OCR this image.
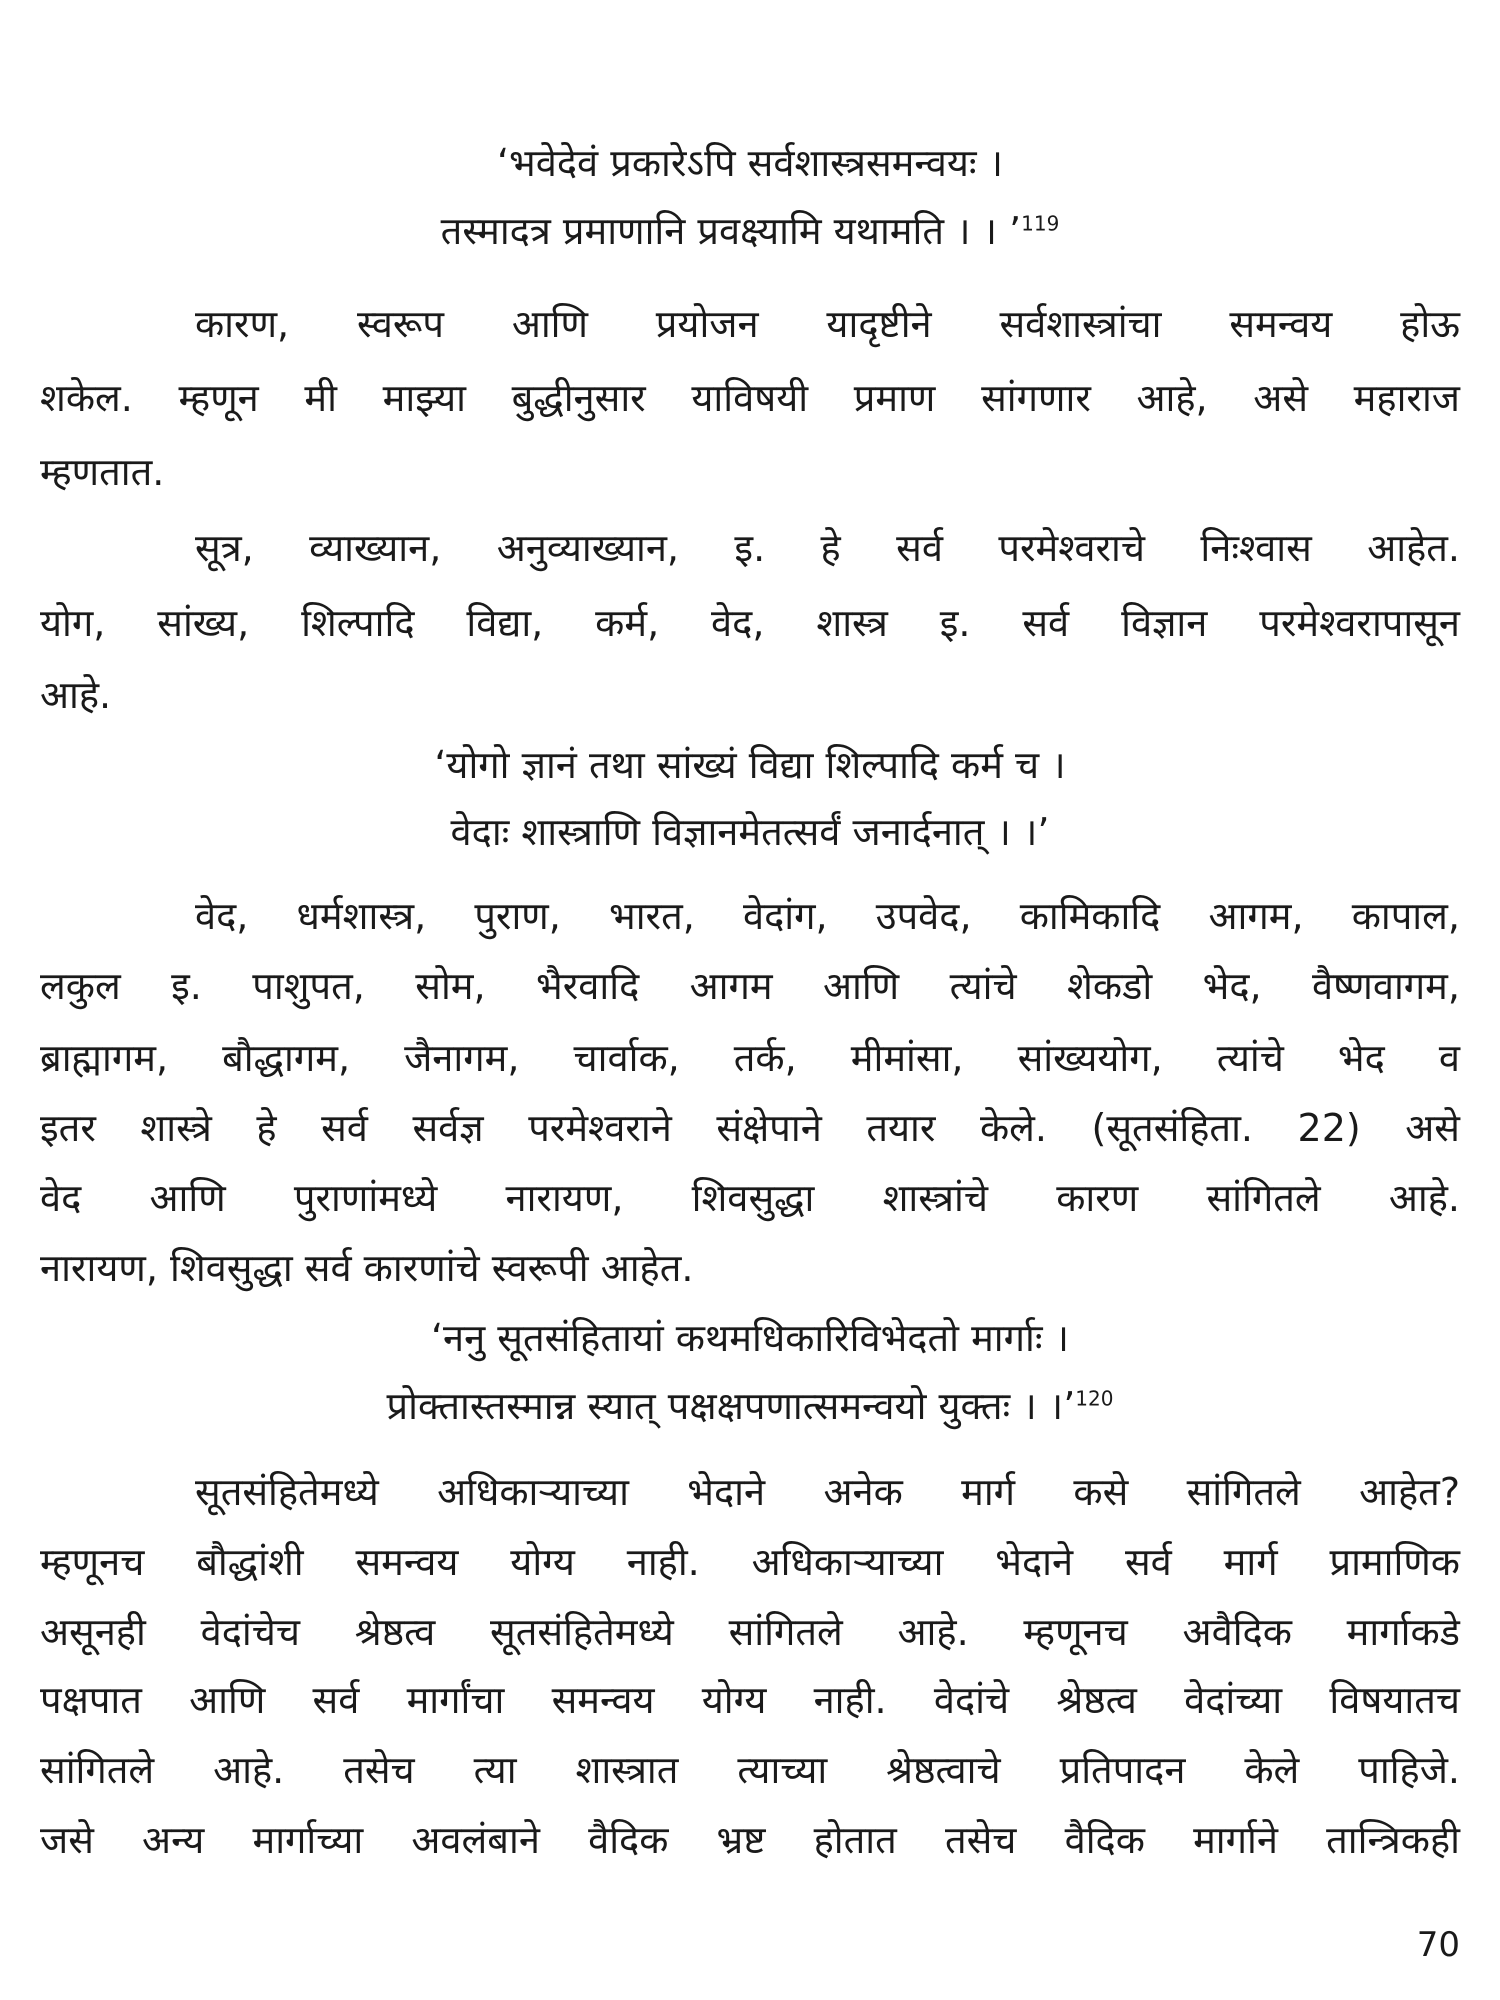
‘भवेदेवं प्रकारेऽपि सर्वशास्त्रसमन्वयः ।
तस्मादत्र प्रमाणानि प्रवक्ष्यामि यथामति । । ’$^{119}$
कारण, स्वरूप आणि प्रयोजन यादृष्टीने सर्वशास्त्रांचा समन्वय होऊ
शकेल. म्हणून मी माझ्या बुद्धीनुसार याविषयी प्रमाण सांगणार आहे, असे महाराज
म्हणतात.
सूत्र, व्याख्यान, अनुव्याख्यान, इ. हे सर्व परमेश्वराचे निःश्वास आहेत.
योग, सांख्य, शिल्पादि विद्या, कर्म, वेद, शास्त्र इ. सर्व विज्ञान परमेश्वरापासून
आहे.
‘योगो ज्ञानं तथा सांख्यं विद्या शिल्पादि कर्म च ।
वेदाः शास्त्राणि विज्ञानमेतत्सर्वं जनार्दनात् । ।’
वेद, धर्मशास्त्र, पुराण, भारत, वेदांग, उपवेद, कामिकादि आगम, कापाल,
लकुल इ. पाशुपत, सोम, भैरवादि आगम आणि त्यांचे शेकडो भेद, वैष्णवागम,
ब्राह्मागम, बौद्धागम, जैनागम, चार्वाक, तर्क, मीमांसा, सांख्ययोग, त्यांचे भेद व
इतर शास्त्रे हे सर्व सर्वज्ञ परमेश्वराने संक्षेपाने तयार केले. (सूतसंहिता. 22) असे
वेद आणि पुराणांमध्ये नारायण, शिवसुद्धा शास्त्रांचे कारण सांगितले आहे.
नारायण, शिवसुद्धा सर्व कारणांचे स्वरूपी आहेत.
‘ननु सूतसंहितायां कथमधिकारिविभेदतो मार्गाः ।
प्रोक्तास्तस्मान्न स्यात् पक्षक्षपणात्समन्वयो युक्तः । ।’$^{120}$
सूतसंहितेमध्ये अधिकाऱ्याच्या भेदाने अनेक मार्ग कसे सांगितले आहेत?
म्हणूनच बौद्धांशी समन्वय योग्य नाही. अधिकाऱ्याच्या भेदाने सर्व मार्ग प्रामाणिक
असूनही वेदांचेच श्रेष्ठत्व सूतसंहितेमध्ये सांगितले आहे. म्हणूनच अवैदिक मार्गाकडे
पक्षपात आणि सर्व मार्गांचा समन्वय योग्य नाही. वेदांचे श्रेष्ठत्व वेदांच्या विषयातच
सांगितले आहे. तसेच त्या शास्त्रात त्याच्या श्रेष्ठत्वाचे प्रतिपादन केले पाहिजे.
जसे अन्य मार्गाच्या अवलंबाने वैदिक भ्रष्ट होतात तसेच वैदिक मार्गाने तान्त्रिकही
70
